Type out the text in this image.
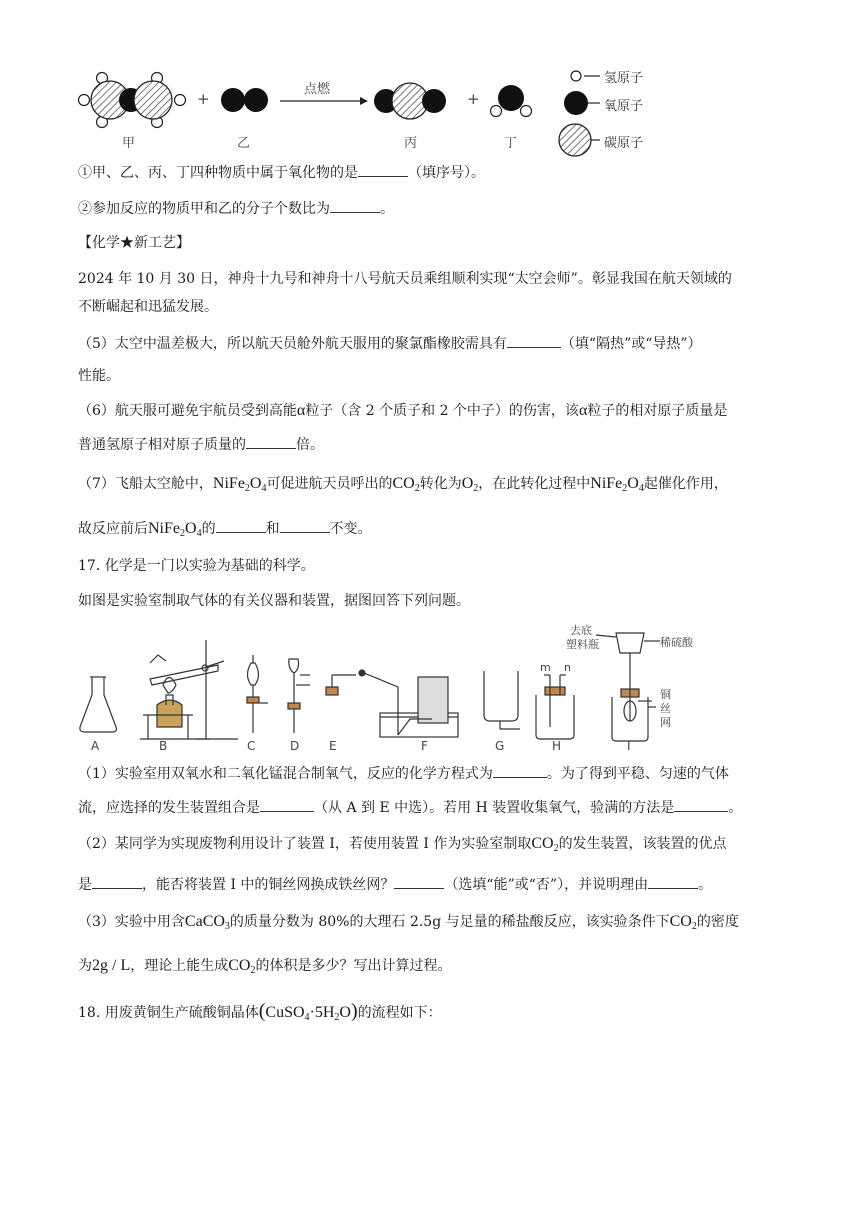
+	+
点燃
甲	乙	丙	丁
氢原子
氧原子
碳原子
①甲、乙、丙、丁四种物质中属于氧化物的是	（填序号）。
②参加反应的物质甲和乙的分子个数比为	。
【化学★新工艺】
2024 年 10 月 30 日，神舟十九号和神舟十八号航天员乘组顺利实现“太空会师”。彰显我国在航天领域的
不断崛起和迅猛发展。
（5）太空中温差极大，所以航天员舱外航天服用的聚氯酯橡胶需具有	（填“隔热”或“导热”）
性能。
（6）航天服可避免宇航员受到高能α粒子（含 2 个质子和 2 个中子）的伤害，该α粒子的相对原子质量是
普通氢原子相对原子质量的	倍。
（7）飞船太空舱中，$NiFe_2O_4$可促进航天员呼出的$CO_2$转化为$O_2$，在此转化过程中$NiFe_2O_4$起催化作用，
故反应前后$NiFe_2O_4$的	和	不变。
17. 化学是一门以实验为基础的科学。
如图是实验室制取气体的有关仪器和装置，据图回答下列问题。
A	B	C	D E	F	G	H	I
m n
去底
塑料瓶	稀硫酸
铜
丝
网
（1）实验室用双氧水和二氧化锰混合制氧气，反应的化学方程式为	。为了得到平稳、匀速的气体
流，应选择的发生装置组合是	（从 A 到 E 中选）。若用 H 装置收集氧气，验满的方法是	。
（2）某同学为实现废物利用设计了装置 I，若使用装置 I 作为实验室制取$CO_2$的发生装置，该装置的优点
是	，能否将装置 I 中的铜丝网换成铁丝网？	（选填“能”或“否”），并说明理由	。
（3）实验中用含CaCO$_3$的质量分数为 80%的大理石 2.5g 与足量的稀盐酸反应，该实验条件下$CO_2$的密度
为2g / L，理论上能生成$CO_2$的体积是多少？写出计算过程。
18. 用废黄铜生产硫酸铜晶体$(CuSO_4\cdot 5H_2O)$的流程如下：
